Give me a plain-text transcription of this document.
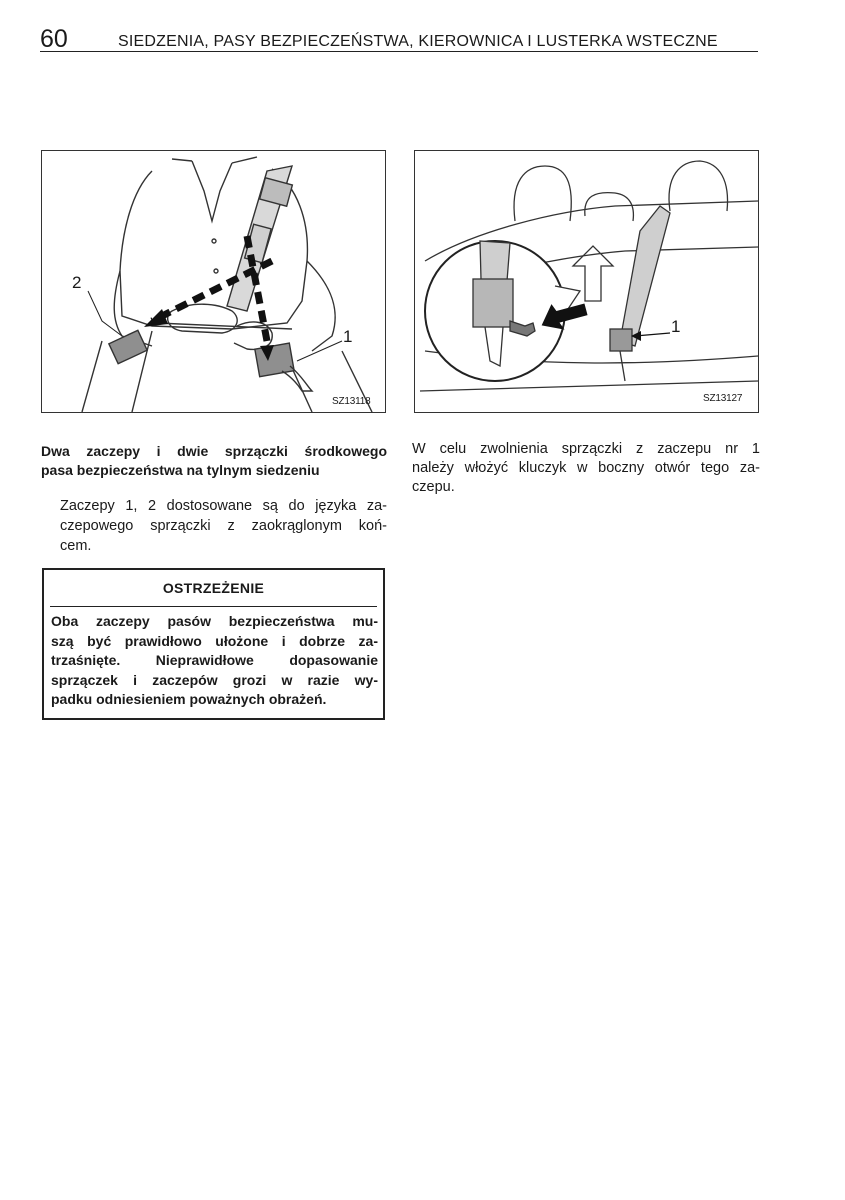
60	SIEDZENIA, PASY BEZPIECZEŃSTWA, KIEROWNICA I LUSTERKA WSTECZNE
2
1
SZ13118
1
SZ13127
Dwa zaczepy i dwie sprzączki środkowego
pasa bezpieczeństwa na tylnym siedzeniu
Zaczepy 1, 2 dostosowane są do języka za-
czepowego sprzączki z zaokrąglonym koń-
cem.
W celu zwolnienia sprzączki z zaczepu nr 1
należy włożyć kluczyk w boczny otwór tego za-
czepu.
OSTRZEŻENIE
Oba zaczepy pasów bezpieczeństwa mu-
szą być prawidłowo ułożone i dobrze za-
trzaśnięte. Nieprawidłowe dopasowanie
sprzączek i zaczepów grozi w razie wy-
padku odniesieniem poważnych obrażeń.
